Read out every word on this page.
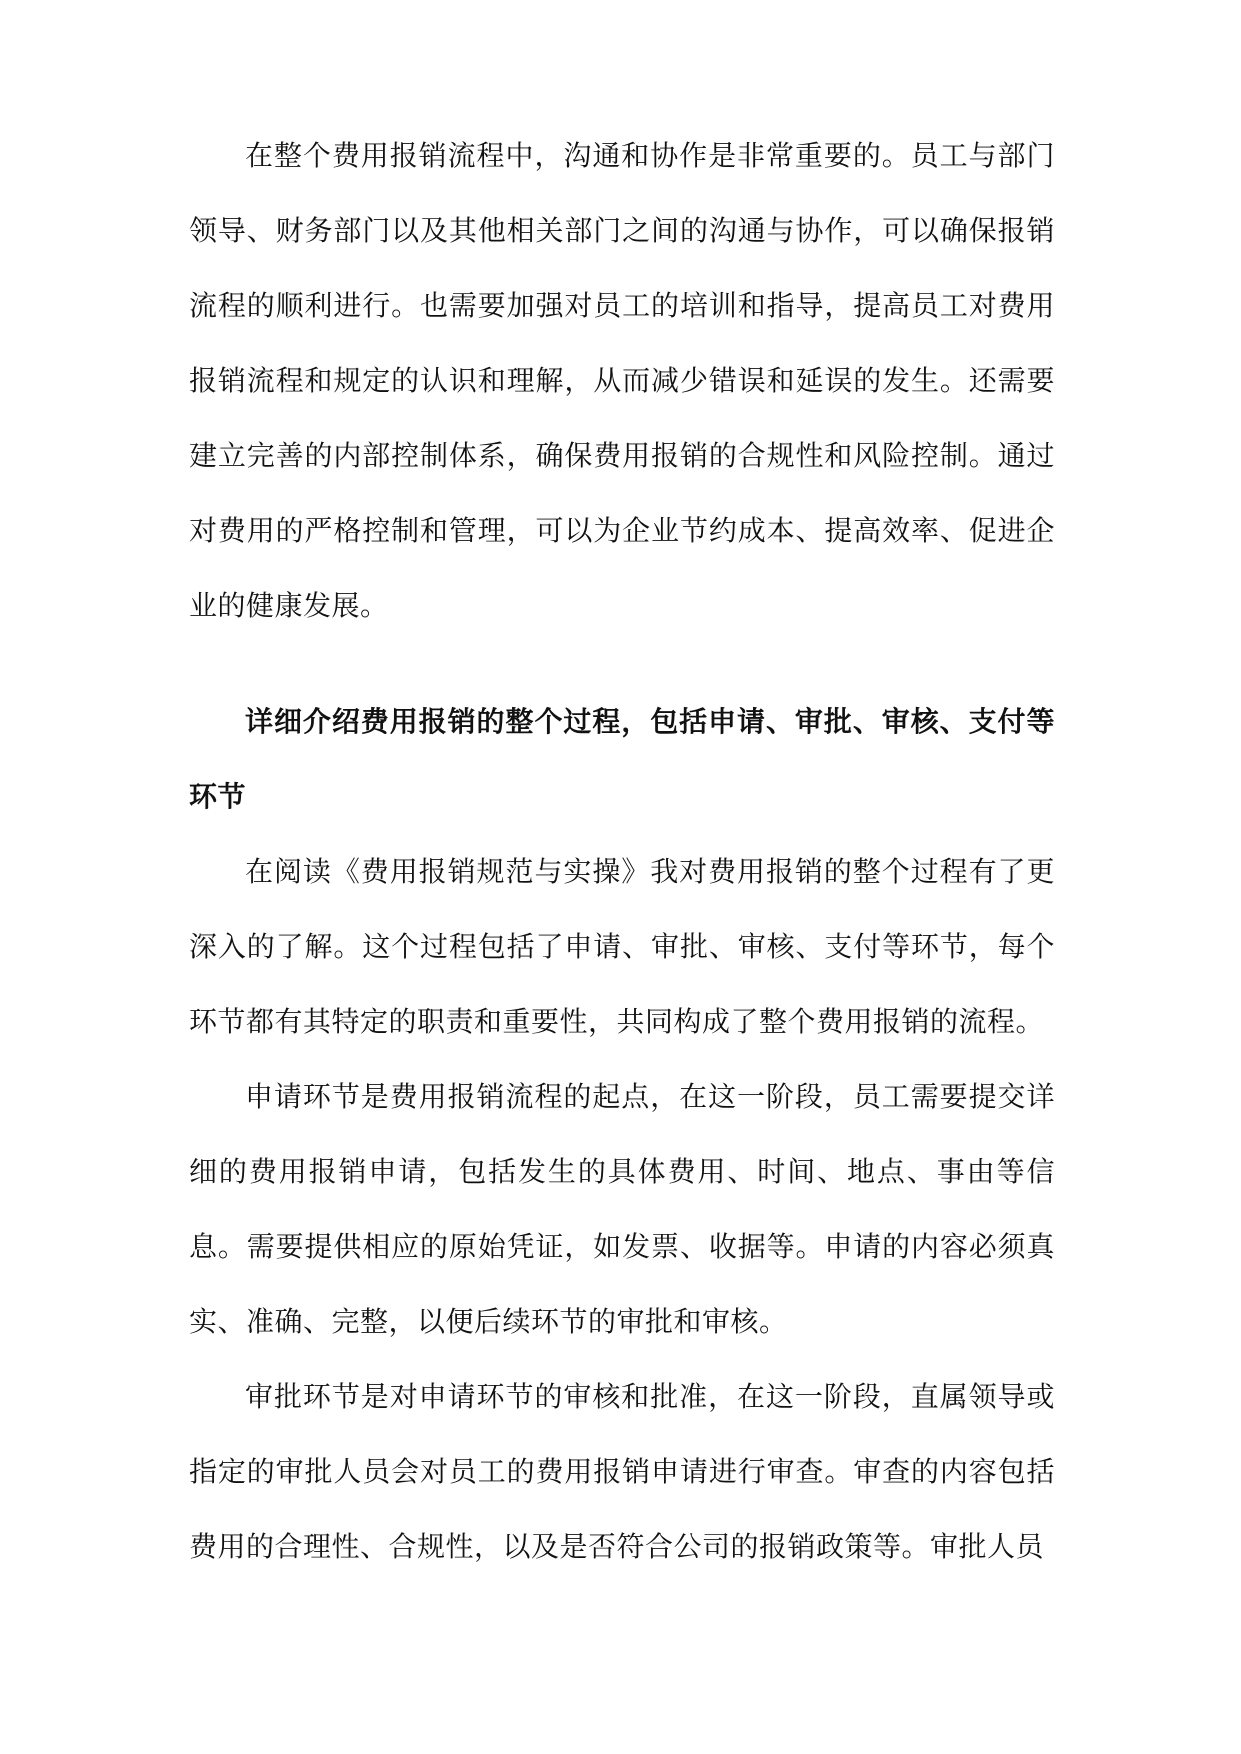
在整个费用报销流程中，沟通和协作是非常重要的。员工与部门领导、财务部门以及其他相关部门之间的沟通与协作，可以确保报销流程的顺利进行。也需要加强对员工的培训和指导，提高员工对费用报销流程和规定的认识和理解，从而减少错误和延误的发生。还需要建立完善的内部控制体系，确保费用报销的合规性和风险控制。通过对费用的严格控制和管理，可以为企业节约成本、提高效率、促进企业的健康发展。

详细介绍费用报销的整个过程，包括申请、审批、审核、支付等环节

在阅读《费用报销规范与实操》我对费用报销的整个过程有了更深入的了解。这个过程包括了申请、审批、审核、支付等环节，每个环节都有其特定的职责和重要性，共同构成了整个费用报销的流程。

申请环节是费用报销流程的起点，在这一阶段，员工需要提交详细的费用报销申请，包括发生的具体费用、时间、地点、事由等信息。需要提供相应的原始凭证，如发票、收据等。申请的内容必须真实、准确、完整，以便后续环节的审批和审核。

审批环节是对申请环节的审核和批准，在这一阶段，直属领导或指定的审批人员会对员工的费用报销申请进行审查。审查的内容包括费用的合理性、合规性，以及是否符合公司的报销政策等。审批人员
